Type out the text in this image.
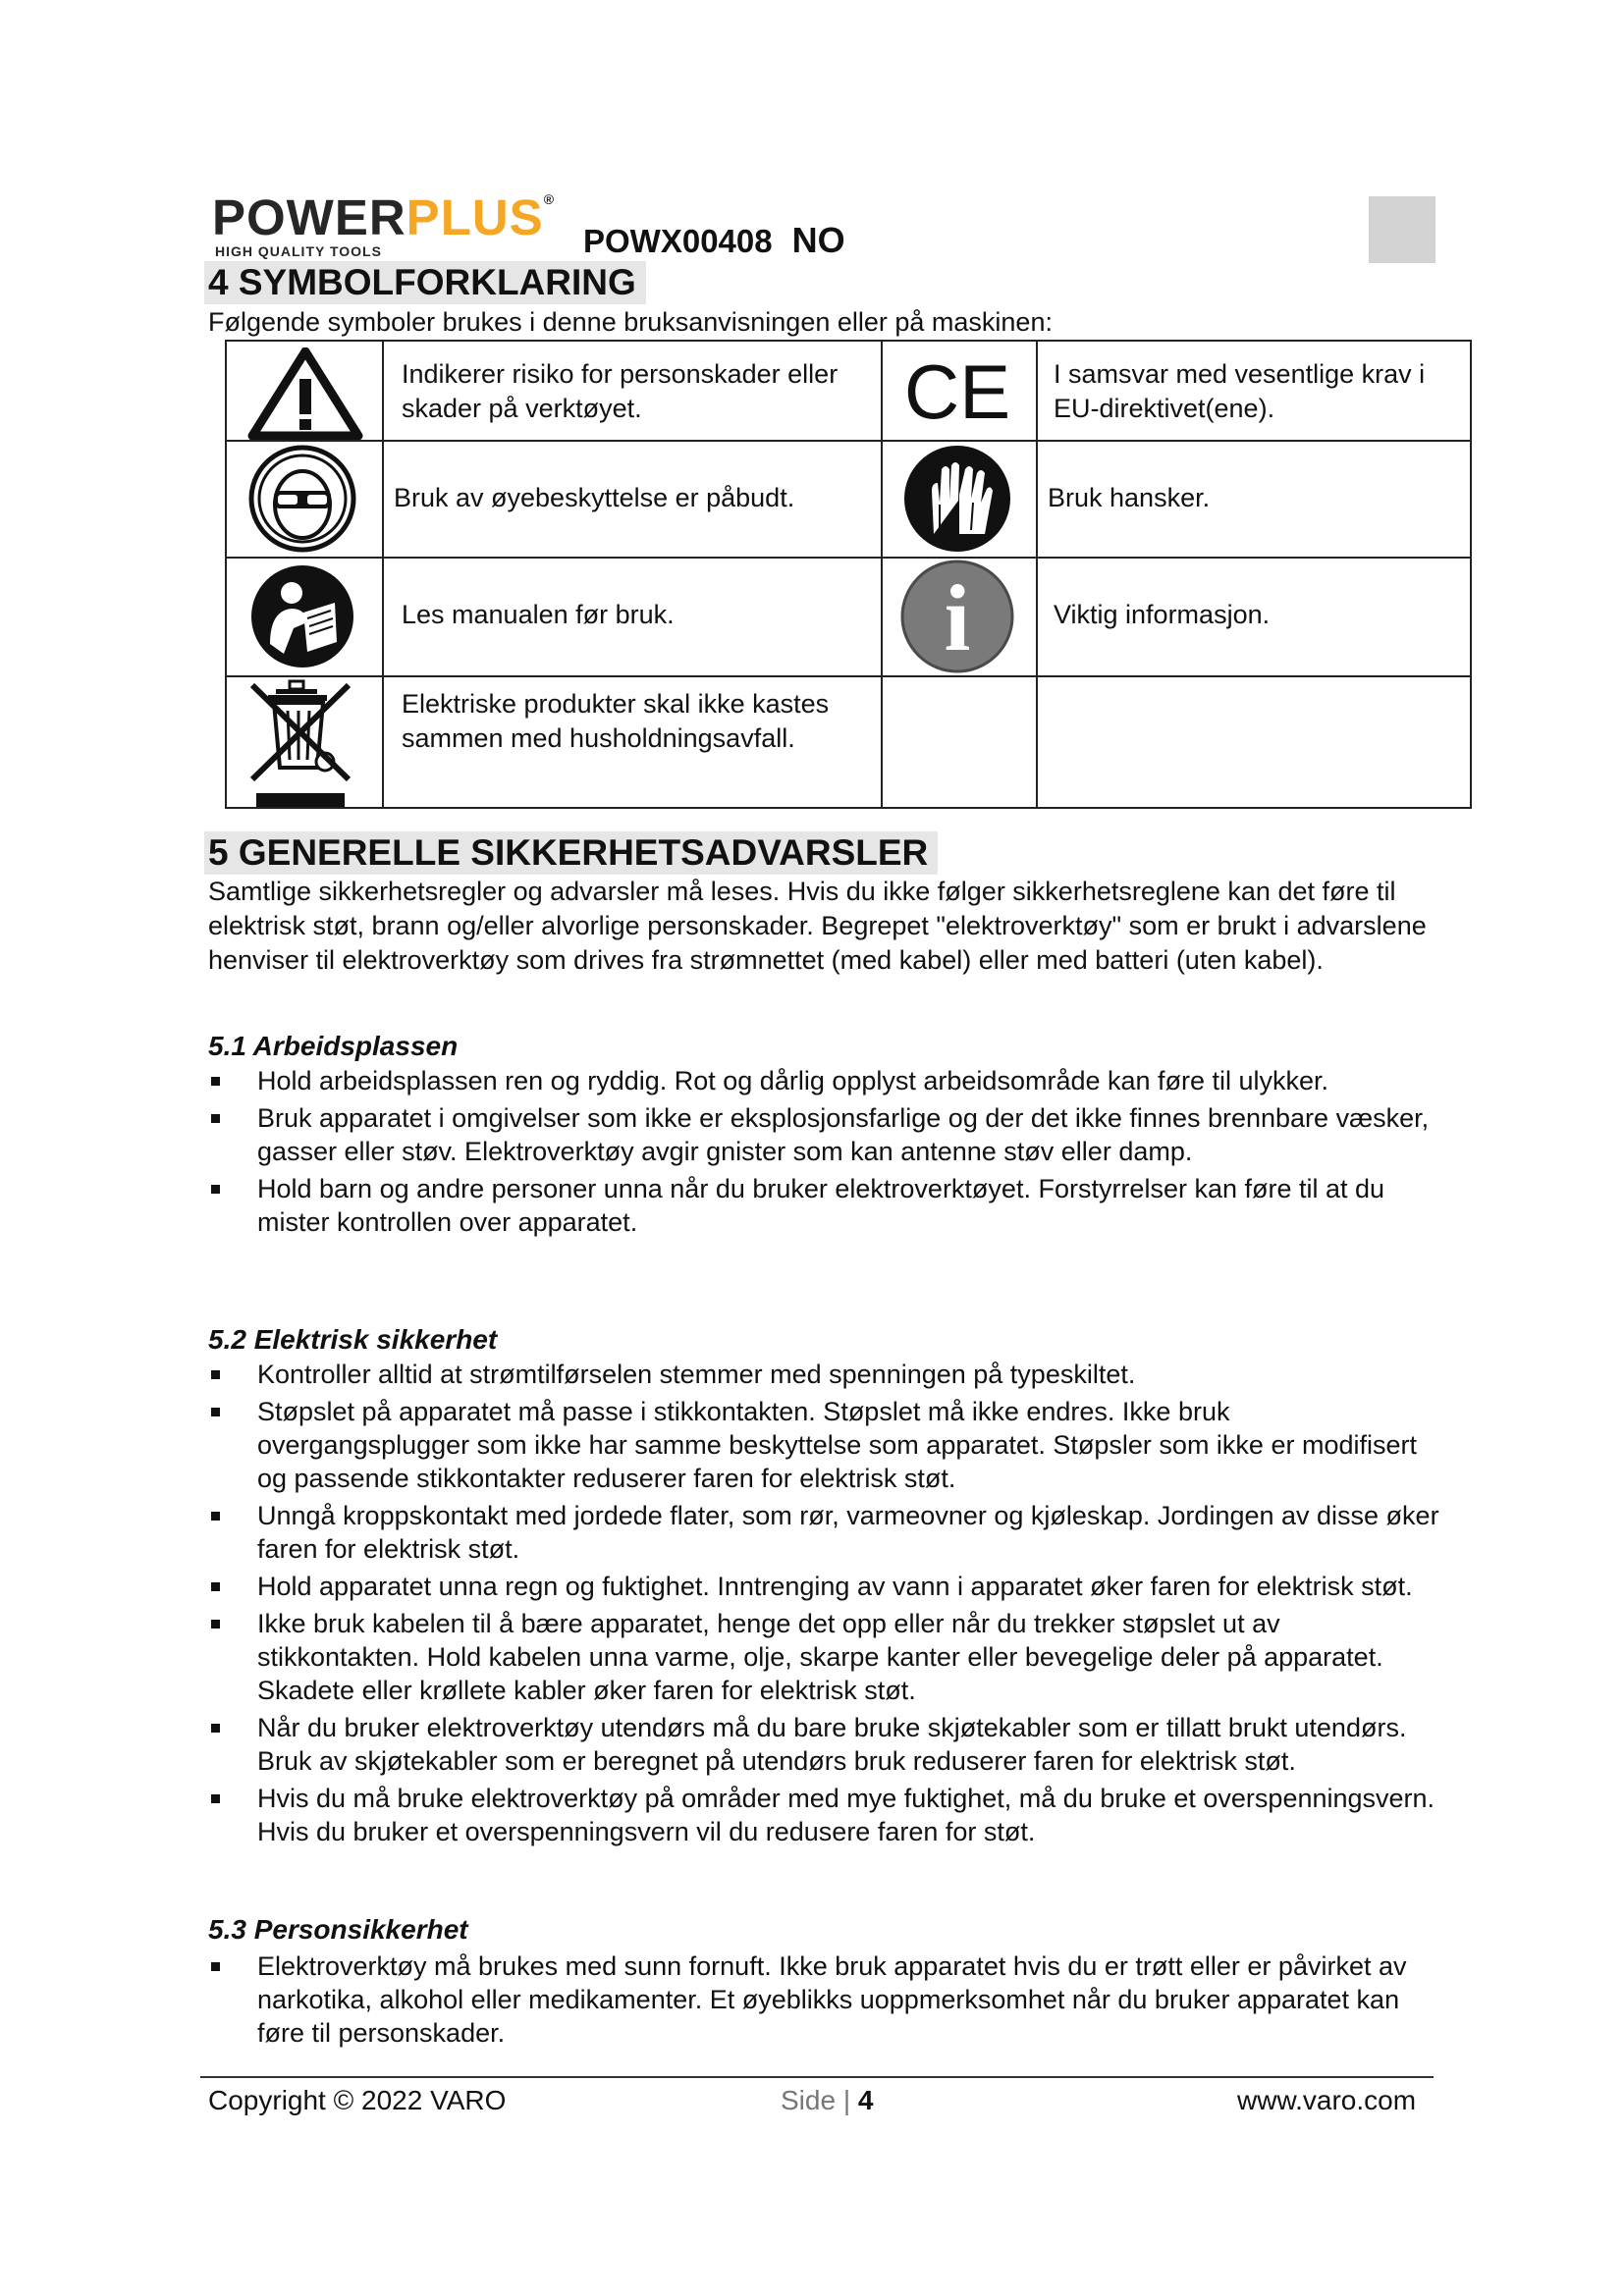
POWERPLUS®
HIGH QUALITY TOOLS	POWX00408 NO
4 SYMBOLFORKLARING
Følgende symboler brukes i denne bruksanvisningen eller på maskinen:
Indikerer risiko for personskader eller skader på verktøyet.	CE I samsvar med vesentlige krav i EU-direktivet(ene).
Bruk av øyebeskyttelse er påbudt.	Bruk hansker.
Les manualen før bruk.	i	Viktig informasjon.
Elektriske produkter skal ikke kastes sammen med husholdningsavfall.
5 GENERELLE SIKKERHETSADVARSLER
Samtlige sikkerhetsregler og advarsler må leses. Hvis du ikke følger sikkerhetsreglene kan det føre til elektrisk støt, brann og/eller alvorlige personskader. Begrepet "elektroverktøy" som er brukt i advarslene henviser til elektroverktøy som drives fra strømnettet (med kabel) eller med batteri (uten kabel).
5.1 Arbeidsplassen
Hold arbeidsplassen ren og ryddig. Rot og dårlig opplyst arbeidsområde kan føre til ulykker.
Bruk apparatet i omgivelser som ikke er eksplosjonsfarlige og der det ikke finnes brennbare væsker, gasser eller støv. Elektroverktøy avgir gnister som kan antenne støv eller damp.
Hold barn og andre personer unna når du bruker elektroverktøyet. Forstyrrelser kan føre til at du mister kontrollen over apparatet.
5.2 Elektrisk sikkerhet
Kontroller alltid at strømtilførselen stemmer med spenningen på typeskiltet.
Støpslet på apparatet må passe i stikkontakten. Støpslet må ikke endres. Ikke bruk overgangsplugger som ikke har samme beskyttelse som apparatet. Støpsler som ikke er modifisert og passende stikkontakter reduserer faren for elektrisk støt.
Unngå kroppskontakt med jordede flater, som rør, varmeovner og kjøleskap. Jordingen av disse øker faren for elektrisk støt.
Hold apparatet unna regn og fuktighet. Inntrenging av vann i apparatet øker faren for elektrisk støt.
Ikke bruk kabelen til å bære apparatet, henge det opp eller når du trekker støpslet ut av stikkontakten. Hold kabelen unna varme, olje, skarpe kanter eller bevegelige deler på apparatet. Skadete eller krøllete kabler øker faren for elektrisk støt.
Når du bruker elektroverktøy utendørs må du bare bruke skjøtekabler som er tillatt brukt utendørs. Bruk av skjøtekabler som er beregnet på utendørs bruk reduserer faren for elektrisk støt.
Hvis du må bruke elektroverktøy på områder med mye fuktighet, må du bruke et overspenningsvern. Hvis du bruker et overspenningsvern vil du redusere faren for støt.
5.3 Personsikkerhet
Elektroverktøy må brukes med sunn fornuft. Ikke bruk apparatet hvis du er trøtt eller er påvirket av narkotika, alkohol eller medikamenter. Et øyeblikks uoppmerksomhet når du bruker apparatet kan føre til personskader.
Copyright © 2022 VARO	Side | 4	www.varo.com
